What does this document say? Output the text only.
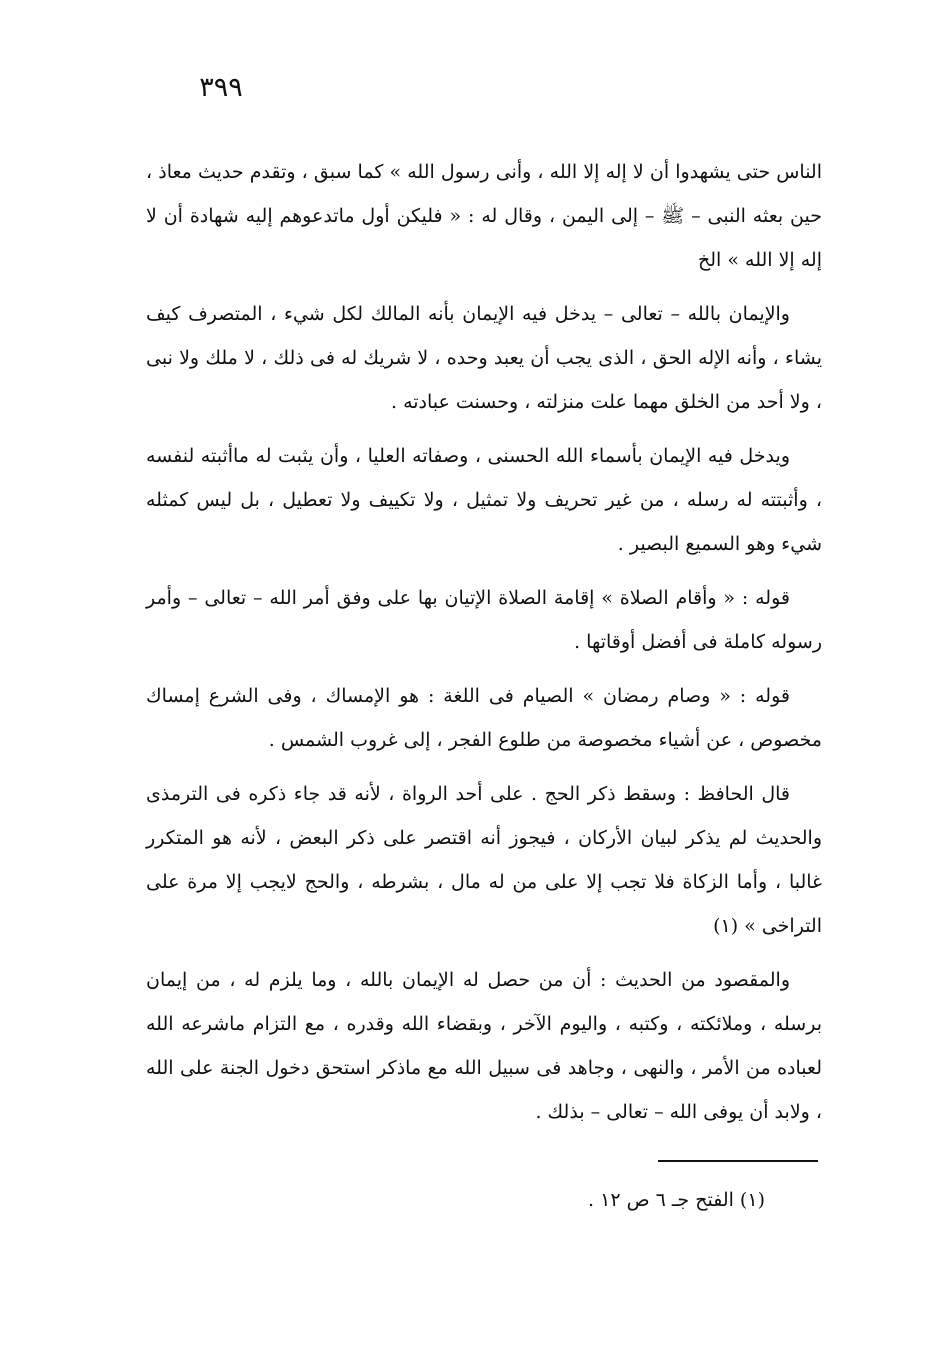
٣٩٩

الناس حتى يشهدوا أن لا إله إلا الله ، وأنى رسول الله » كما سبق ، وتقدم حديث معاذ ، حين بعثه النبى – ﷺ – إلى اليمن ، وقال له : « فليكن أول ماتدعوهم إليه شهادة أن لا إله إلا الله » الخ

والإيمان بالله – تعالى – يدخل فيه الإيمان بأنه المالك لكل شيء ، المتصرف كيف يشاء ، وأنه الإله الحق ، الذى يجب أن يعبد وحده ، لا شريك له فى ذلك ، لا ملك ولا نبى ، ولا أحد من الخلق مهما علت منزلته ، وحسنت عبادته .

ويدخل فيه الإيمان بأسماء الله الحسنى ، وصفاته العليا ، وأن يثبت له ماأثبته لنفسه ، وأثبتته له رسله ، من غير تحريف ولا تمثيل ، ولا تكييف ولا تعطيل ، بل ليس كمثله شيء وهو السميع البصير .

قوله : « وأقام الصلاة » إقامة الصلاة الإتيان بها على وفق أمر الله – تعالى – وأمر رسوله كاملة فى أفضل أوقاتها .

قوله : « وصام رمضان » الصيام فى اللغة : هو الإمساك ، وفى الشرع إمساك مخصوص ، عن أشياء مخصوصة من طلوع الفجر ، إلى غروب الشمس .

قال الحافظ : وسقط ذكر الحج . على أحد الرواة ، لأنه قد جاء ذكره فى الترمذى والحديث لم يذكر لبيان الأركان ، فيجوز أنه اقتصر على ذكر البعض ، لأنه هو المتكرر غالبا ، وأما الزكاة فلا تجب إلا على من له مال ، بشرطه ، والحج لايجب إلا مرة على التراخى » (١)

والمقصود من الحديث : أن من حصل له الإيمان بالله ، وما يلزم له ، من إيمان برسله ، وملائكته ، وكتبه ، واليوم الآخر ، وبقضاء الله وقدره ، مع التزام ماشرعه الله لعباده من الأمر ، والنهى ، وجاهد فى سبيل الله مع ماذكر استحق دخول الجنة على الله ، ولابد أن يوفى الله – تعالى – بذلك .

(١) الفتح جـ ٦ ص ١٢ .
